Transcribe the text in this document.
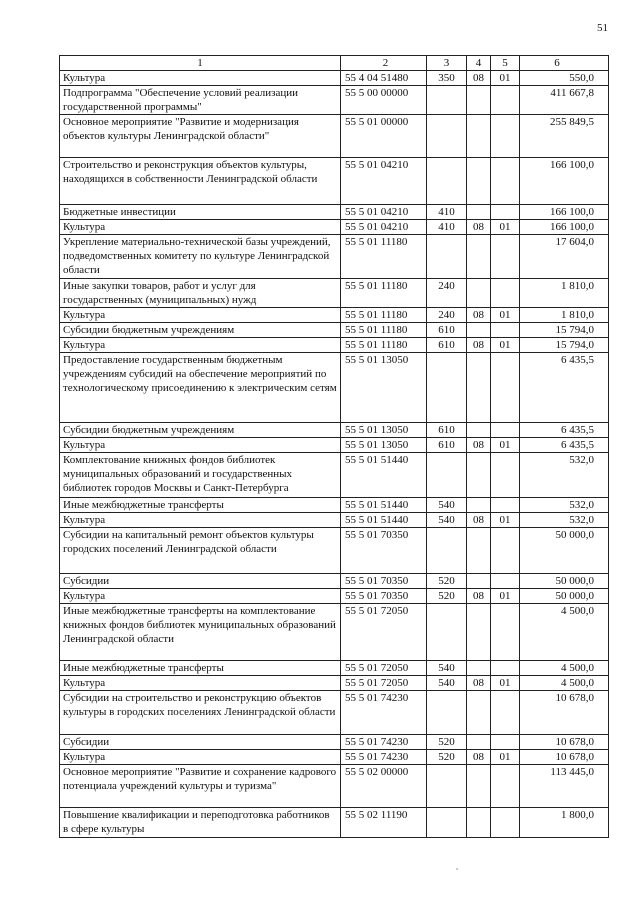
51
1	2	3	4	5	6
Культура	55 4 04 51480	350	08	01	550,0
Подпрограмма "Обеспечение условий реализации государственной программы"	55 5 00 00000				411 667,8
Основное мероприятие "Развитие и модернизация объектов культуры Ленинградской области"	55 5 01 00000				255 849,5
Строительство и реконструкция объектов культуры, находящихся в собственности Ленинградской области	55 5 01 04210				166 100,0
Бюджетные инвестиции	55 5 01 04210	410			166 100,0
Культура	55 5 01 04210	410	08	01	166 100,0
Укрепление материально-технической базы учреждений, подведомственных комитету по культуре Ленинградской области	55 5 01 11180				17 604,0
Иные закупки товаров, работ и услуг для государственных (муниципальных) нужд	55 5 01 11180	240			1 810,0
Культура	55 5 01 11180	240	08	01	1 810,0
Субсидии бюджетным учреждениям	55 5 01 11180	610			15 794,0
Культура	55 5 01 11180	610	08	01	15 794,0
Предоставление государственным бюджетным учреждениям субсидий на обеспечение мероприятий по технологическому присоединению к электрическим сетям	55 5 01 13050				6 435,5
Субсидии бюджетным учреждениям	55 5 01 13050	610			6 435,5
Культура	55 5 01 13050	610	08	01	6 435,5
Комплектование книжных фондов библиотек муниципальных образований и государственных библиотек городов Москвы и Санкт-Петербурга	55 5 01 51440				532,0
Иные межбюджетные трансферты	55 5 01 51440	540			532,0
Культура	55 5 01 51440	540	08	01	532,0
Субсидии на капитальный ремонт объектов культуры городских поселений Ленинградской области	55 5 01 70350				50 000,0
Субсидии	55 5 01 70350	520			50 000,0
Культура	55 5 01 70350	520	08	01	50 000,0
Иные межбюджетные трансферты на комплектование книжных фондов библиотек муниципальных образований Ленинградской области	55 5 01 72050				4 500,0
Иные межбюджетные трансферты	55 5 01 72050	540			4 500,0
Культура	55 5 01 72050	540	08	01	4 500,0
Субсидии на строительство и реконструкцию объектов культуры в городских поселениях Ленинградской области	55 5 01 74230				10 678,0
Субсидии	55 5 01 74230	520			10 678,0
Культура	55 5 01 74230	520	08	01	10 678,0
Основное мероприятие "Развитие и сохранение кадрового потенциала учреждений культуры и туризма"	55 5 02 00000				113 445,0
Повышение квалификации и переподготовка работников в сфере культуры	55 5 02 11190				1 800,0
